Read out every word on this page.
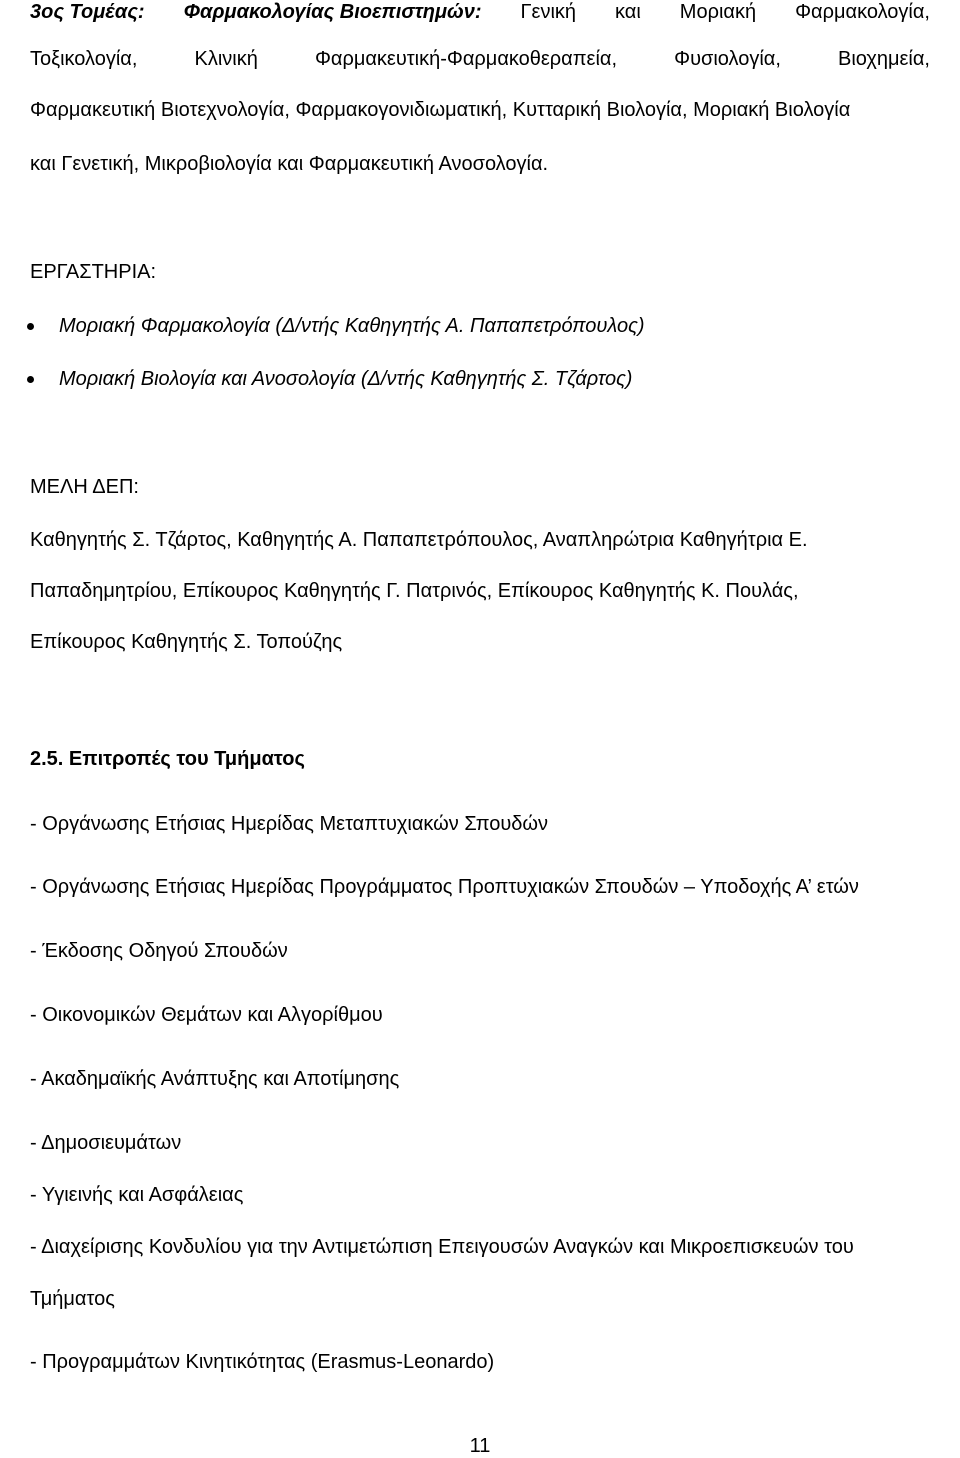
3ος Τομέας: Φαρμακολογίας Βιοεπιστημών: Γενική και Μοριακή Φαρμακολογία,
Τοξικολογία,	Κλινική	Φαρμακευτική-Φαρμακοθεραπεία,	Φυσιολογία,	Βιοχημεία,
Φαρμακευτική Βιοτεχνολογία, Φαρμακογονιδιωματική, Κυτταρική Βιολογία, Μοριακή Βιολογία
και Γενετική, Μικροβιολογία και Φαρμακευτική Ανοσολογία.
ΕΡΓΑΣΤΗΡΙΑ:
Μοριακή Φαρμακολογία (Δ/ντής Καθηγητής Α. Παπαπετρόπουλος)
Μοριακή Βιολογία και Ανοσολογία (Δ/ντής Καθηγητής Σ. Τζάρτος)
ΜΕΛΗ ΔΕΠ:
Καθηγητής Σ. Τζάρτος, Καθηγητής Α. Παπαπετρόπουλος, Αναπληρώτρια Καθηγήτρια Ε.
Παπαδημητρίου, Επίκουρος Καθηγητής Γ. Πατρινός, Επίκουρος Καθηγητής Κ. Πουλάς,
Επίκουρος Καθηγητής Σ. Τοπούζης
2.5. Επιτροπές του Τμήματος
- Οργάνωσης Ετήσιας Ημερίδας Μεταπτυχιακών Σπουδών
- Οργάνωσης Ετήσιας Ημερίδας Προγράμματος Προπτυχιακών Σπουδών – Υποδοχής Α’ ετών
- Έκδοσης Οδηγού Σπουδών
- Οικονομικών Θεμάτων και Αλγορίθμου
- Ακαδημαϊκής Ανάπτυξης και Αποτίμησης
- Δημοσιευμάτων
- Υγιεινής και Ασφάλειας
- Διαχείρισης Κονδυλίου για την Αντιμετώπιση Επειγουσών Αναγκών και Μικροεπισκευών του
Τμήματος
- Προγραμμάτων Κινητικότητας (Erasmus-Leonardo)
11
